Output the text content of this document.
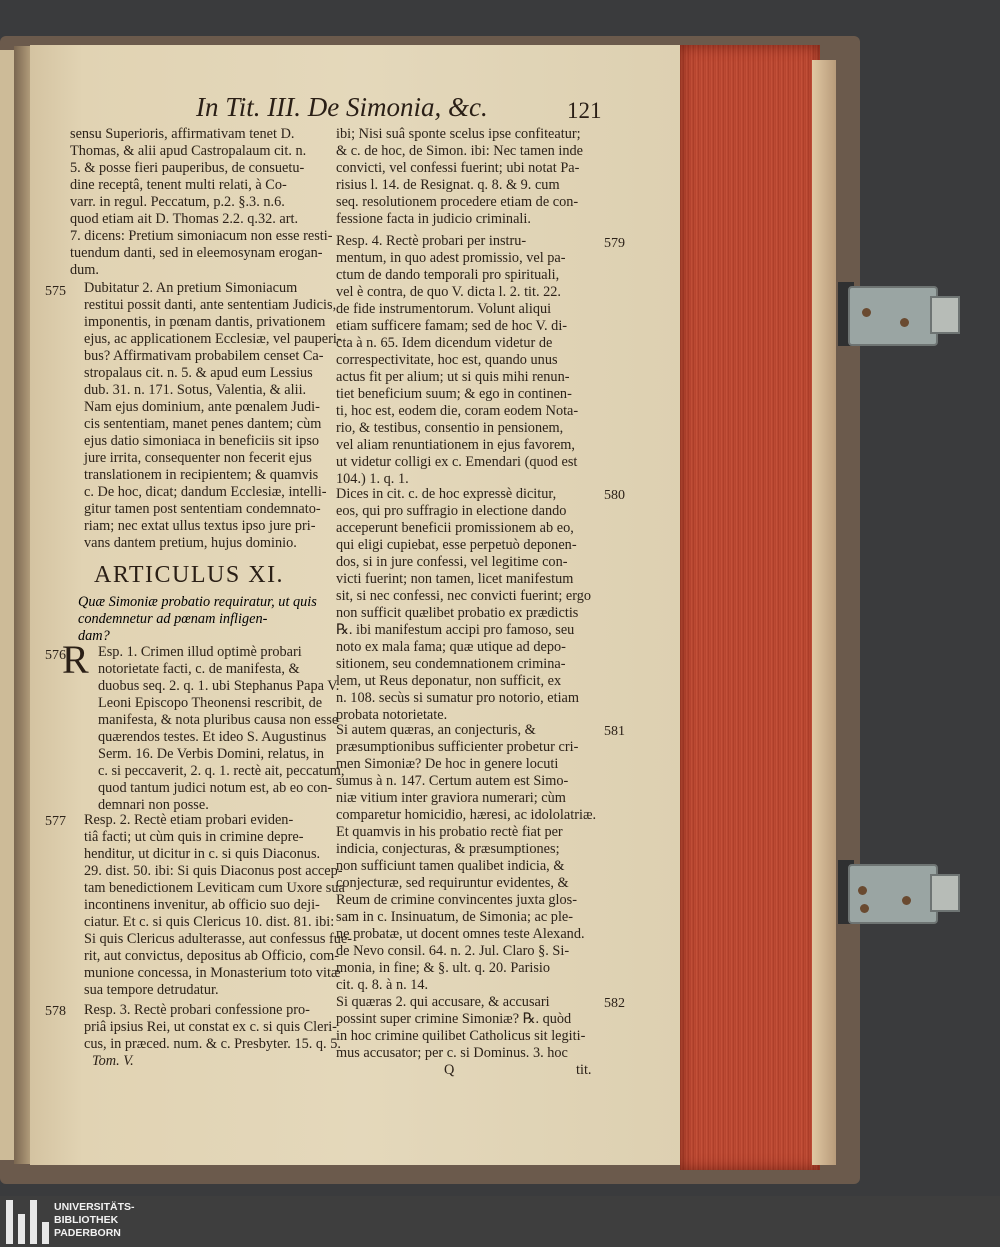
In Tit. III. De Simonia, &c.	121
sensu Superioris, affirmativam tenet D.
Thomas, & alii apud Castropalaum cit. n.
5. & posse fieri pauperibus, de consuetu-
dine receptâ, tenent multi relati, à Co-
varr. in regul. Peccatum, p.2. §.3. n.6.
quod etiam ait D. Thomas 2.2. q.32. art.
7. dicens: Pretium simoniacum non esse resti-
tuendum danti, sed in eleemosynam erogan-
dum.
575 Dubitatur 2. An pretium Simoniacum
restitui possit danti, ante sententiam Judicis,
imponentis, in pœnam dantis, privationem
ejus, ac applicationem Ecclesiæ, vel pauperi-
bus? Affirmativam probabilem censet Ca-
stropalaus cit. n. 5. & apud eum Lessius
dub. 31. n. 171. Sotus, Valentia, & alii.
Nam ejus dominium, ante pœnalem Judi-
cis sententiam, manet penes dantem; cùm
ejus datio simoniaca in beneficiis sit ipso
jure irrita, consequenter non fecerit ejus
translationem in recipientem; & quamvis
c. De hoc, dicat; dandum Ecclesiæ, intelli-
gitur tamen post sententiam condemnato-
riam; nec extat ullus textus ipso jure pri-
vans dantem pretium, hujus dominio.
ARTICULUS XI.
Quæ Simoniæ probatio requiratur, ut quis
condemnetur ad pœnam infligen-
dam?
576
R Esp. 1. Crimen illud optimè probari
notorietate facti, c. de manifesta, &
duobus seq. 2. q. 1. ubi Stephanus Papa V.
Leoni Episcopo Theonensi rescribit, de
manifesta, & nota pluribus causa non esse
quærendos testes. Et ideo S. Augustinus
Serm. 16. De Verbis Domini, relatus, in
c. si peccaverit, 2. q. 1. rectè ait, peccatum,
quod tantum judici notum est, ab eo con-
demnari non posse.
577 Resp. 2. Rectè etiam probari eviden-
tiâ facti; ut cùm quis in crimine depre-
henditur, ut dicitur in c. si quis Diaconus.
29. dist. 50. ibi: Si quis Diaconus post accep-
tam benedictionem Leviticam cum Uxore sua
incontinens invenitur, ab officio suo deji-
ciatur. Et c. si quis Clericus 10. dist. 81. ibi:
Si quis Clericus adulterasse, aut confessus fue-
rit, aut convictus, depositus ab Officio, com-
munione concessa, in Monasterium toto vitæ
sua tempore detrudatur.
578 Resp. 3. Rectè probari confessione pro-
priâ ipsius Rei, ut constat ex c. si quis Cleri-
cus, in præced. num. & c. Presbyter. 15. q. 5.
Tom. V.
ibi; Nisi suâ sponte scelus ipse confiteatur;
& c. de hoc, de Simon. ibi: Nec tamen inde
convicti, vel confessi fuerint; ubi notat Pa-
risius l. 14. de Resignat. q. 8. & 9. cum
seq. resolutionem procedere etiam de con-
fessione facta in judicio criminali.
Resp. 4. Rectè probari per instru-
mentum, in quo adest promissio, vel pa-
ctum de dando temporali pro spirituali,
vel è contra, de quo V. dicta l. 2. tit. 22.
de fide instrumentorum. Volunt aliqui
etiam sufficere famam; sed de hoc V. di-
cta à n. 65. Idem dicendum videtur de
correspectivitate, hoc est, quando unus
actus fit per alium; ut si quis mihi renun-
tiet beneficium suum; & ego in continen-
ti, hoc est, eodem die, coram eodem Nota-
rio, & testibus, consentio in pensionem,
vel aliam renuntiationem in ejus favorem,
ut videtur colligi ex c. Emendari (quod est
104.) 1. q. 1.
579
Dices in cit. c. de hoc expressè dicitur,
eos, qui pro suffragio in electione dando
acceperunt beneficii promissionem ab eo,
qui eligi cupiebat, esse perpetuò deponen-
dos, si in jure confessi, vel legitime con-
victi fuerint; non tamen, licet manifestum
sit, si nec confessi, nec convicti fuerint; ergo
non sufficit quælibet probatio ex prædictis
℞. ibi manifestum accipi pro famoso, seu
noto ex mala fama; quæ utique ad depo-
sitionem, seu condemnationem crimina-
lem, ut Reus deponatur, non sufficit, ex
n. 108. secùs si sumatur pro notorio, etiam
probata notorietate.
580
Si autem quæras, an conjecturis, &
præsumptionibus sufficienter probetur cri-
men Simoniæ? De hoc in genere locuti
sumus à n. 147. Certum autem est Simo-
niæ vitium inter graviora numerari; cùm
comparetur homicidio, hæresi, ac idololatriæ.
Et quamvis in his probatio rectè fiat per
indicia, conjecturas, & præsumptiones;
non sufficiunt tamen qualibet indicia, &
conjecturæ, sed requiruntur evidentes, &
Reum de crimine convincentes juxta glos-
sam in c. Insinuatum, de Simonia; ac ple-
ne probatæ, ut docent omnes teste Alexand.
de Nevo consil. 64. n. 2. Jul. Claro §. Si-
monia, in fine; & §. ult. q. 20. Parisio
cit. q. 8. à n. 14.
581
Si quæras 2. qui accusare, & accusari
possint super crimine Simoniæ? ℞. quòd
in hoc crimine quilibet Catholicus sit legiti-
mus accusator; per c. si Dominus. 3. hoc
582
Q	tit.
UNIVERSITÄTS-
BIBLIOTHEK
PADERBORN
